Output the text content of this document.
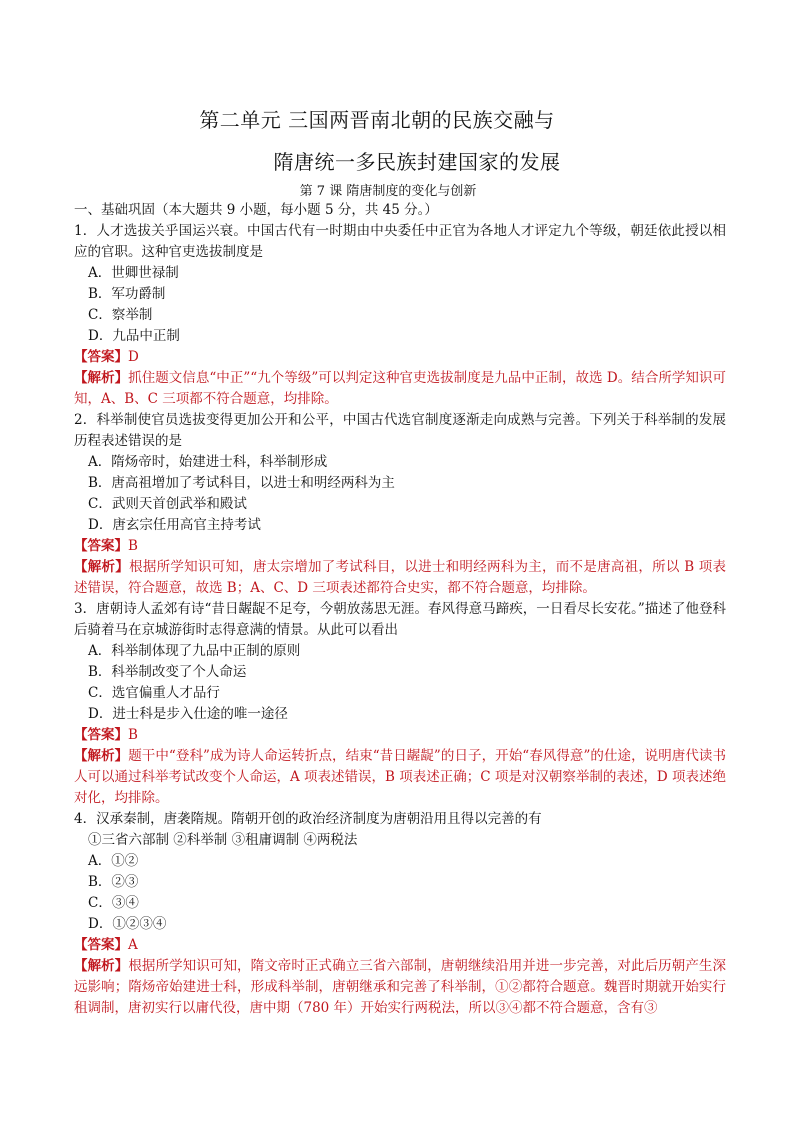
第二单元 三国两晋南北朝的民族交融与
隋唐统一多民族封建国家的发展
第 7 课 隋唐制度的变化与创新

一、基础巩固（本大题共 9 小题，每小题 5 分，共 45 分。）

1．人才选拔关乎国运兴衰。中国古代有一时期由中央委任中正官为各地人才评定九个等级，朝廷依此授以相应的官职。这种官吏选拔制度是

A．世卿世禄制

B．军功爵制

C．察举制

D．九品中正制

【答案】D

【解析】抓住题文信息“中正”“九个等级”可以判定这种官吏选拔制度是九品中正制，故选 D。结合所学知识可知，A、B、C 三项都不符合题意，均排除。

2．科举制使官员选拔变得更加公开和公平，中国古代选官制度逐渐走向成熟与完善。下列关于科举制的发展历程表述错误的是

A．隋炀帝时，始建进士科，科举制形成

B．唐高祖增加了考试科目，以进士和明经两科为主

C．武则天首创武举和殿试

D．唐玄宗任用高官主持考试

【答案】B

【解析】根据所学知识可知，唐太宗增加了考试科目，以进士和明经两科为主，而不是唐高祖，所以 B 项表述错误，符合题意，故选 B；A、C、D 三项表述都符合史实，都不符合题意，均排除。

3．唐朝诗人孟郊有诗“昔日龌龊不足夸，今朝放荡思无涯。春风得意马蹄疾，一日看尽长安花。”描述了他登科后骑着马在京城游街时志得意满的情景。从此可以看出

A．科举制体现了九品中正制的原则

B．科举制改变了个人命运

C．选官偏重人才品行

D．进士科是步入仕途的唯一途径

【答案】B

【解析】题干中“登科”成为诗人命运转折点，结束“昔日龌龊”的日子，开始“春风得意”的仕途，说明唐代读书人可以通过科举考试改变个人命运，A 项表述错误，B 项表述正确；C 项是对汉朝察举制的表述，D 项表述绝对化，均排除。

4．汉承秦制，唐袭隋规。隋朝开创的政治经济制度为唐朝沿用且得以完善的有

①三省六部制 ②科举制 ③租庸调制 ④两税法

A．①②

B．②③

C．③④

D．①②③④

【答案】A

【解析】根据所学知识可知，隋文帝时正式确立三省六部制，唐朝继续沿用并进一步完善，对此后历朝产生深远影响；隋炀帝始建进士科，形成科举制，唐朝继承和完善了科举制，①②都符合题意。魏晋时期就开始实行租调制，唐初实行以庸代役，唐中期（780 年）开始实行两税法，所以③④都不符合题意，含有③
